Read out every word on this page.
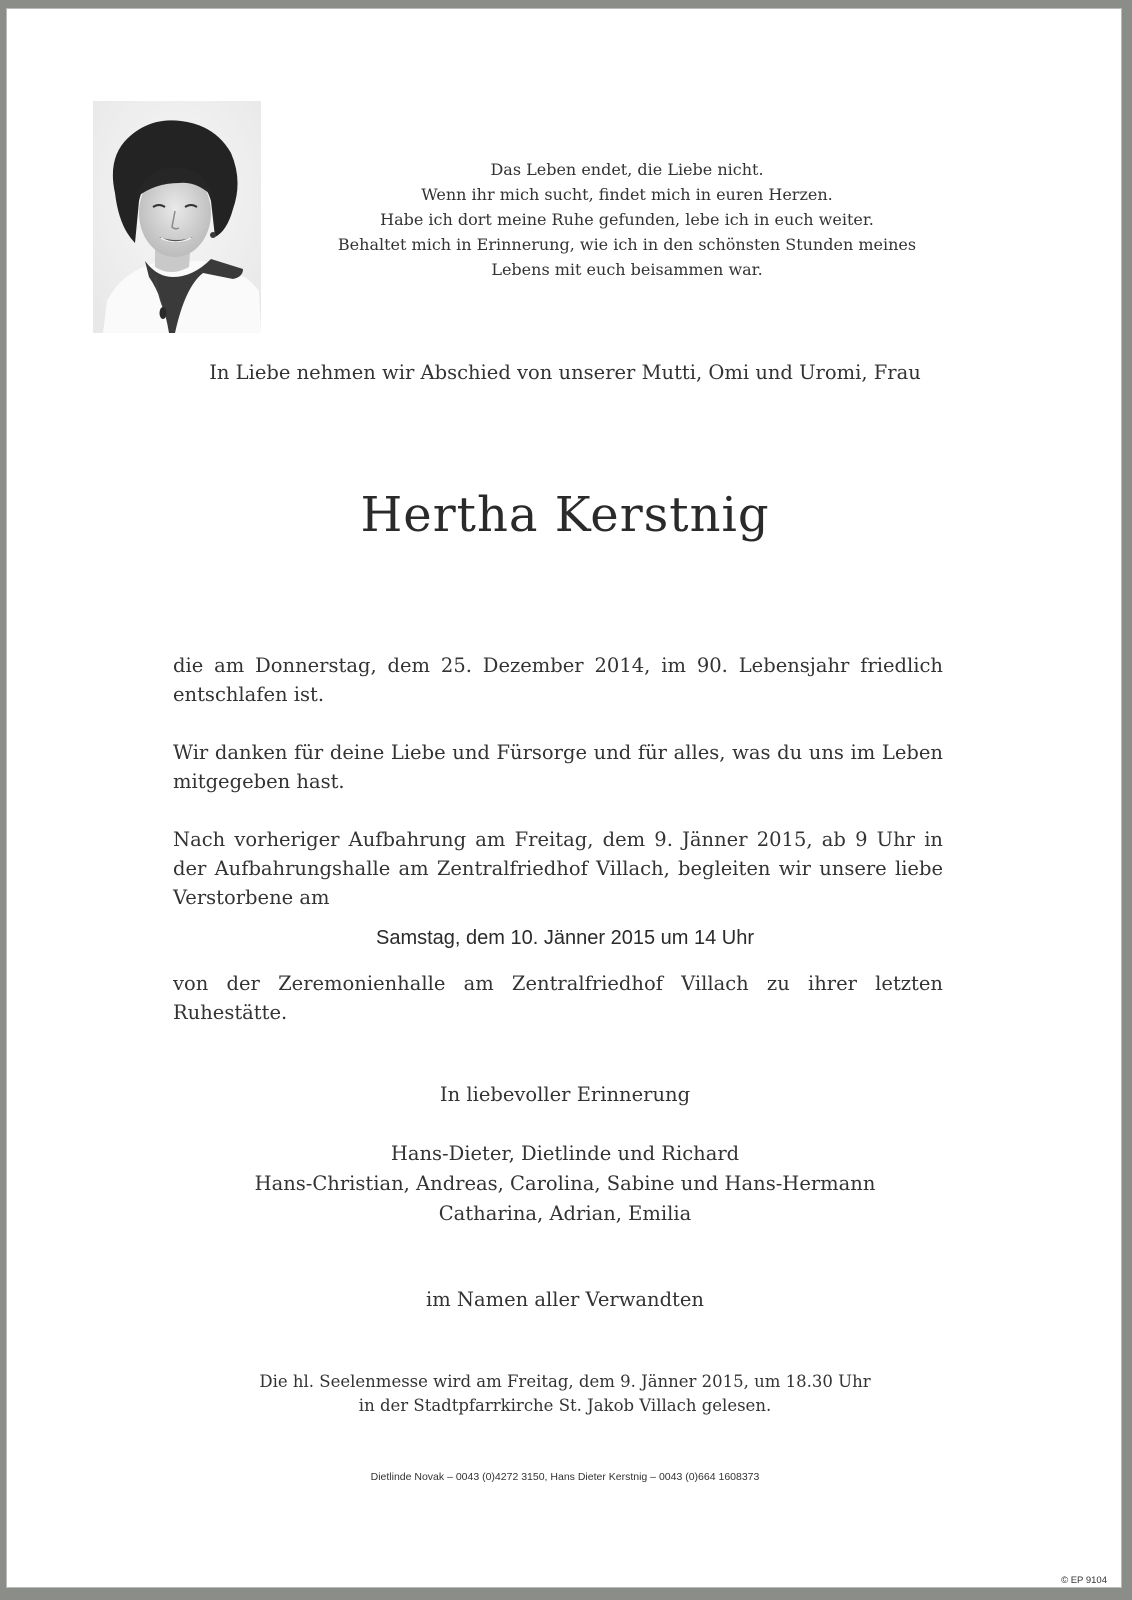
Das Leben endet, die Liebe nicht.
Wenn ihr mich sucht, findet mich in euren Herzen.
Habe ich dort meine Ruhe gefunden, lebe ich in euch weiter.
Behaltet mich in Erinnerung, wie ich in den schönsten Stunden meines
Lebens mit euch beisammen war.
In Liebe nehmen wir Abschied von unserer Mutti, Omi und Uromi, Frau
Hertha Kerstnig

die am Donnerstag, dem 25. Dezember 2014, im 90. Lebensjahr friedlich entschlafen ist.

Wir danken für deine Liebe und Fürsorge und für alles, was du uns im Leben mitgegeben hast.

Nach vorheriger Aufbahrung am Freitag, dem 9. Jänner 2015, ab 9 Uhr in der Aufbahrungshalle am Zentralfriedhof Villach, begleiten wir unsere liebe Verstorbene am

Samstag, dem 10. Jänner 2015 um 14 Uhr

von der Zeremonienhalle am Zentralfriedhof Villach zu ihrer letzten Ruhestätte.

In liebevoller Erinnerung
Hans-Dieter, Dietlinde und Richard
Hans-Christian, Andreas, Carolina, Sabine und Hans-Hermann
Catharina, Adrian, Emilia
im Namen aller Verwandten
Die hl. Seelenmesse wird am Freitag, dem 9. Jänner 2015, um 18.30 Uhr
in der Stadtpfarrkirche St. Jakob Villach gelesen.
Dietlinde Novak – 0043 (0)4272 3150, Hans Dieter Kerstnig – 0043 (0)664 1608373
© EP 9104
